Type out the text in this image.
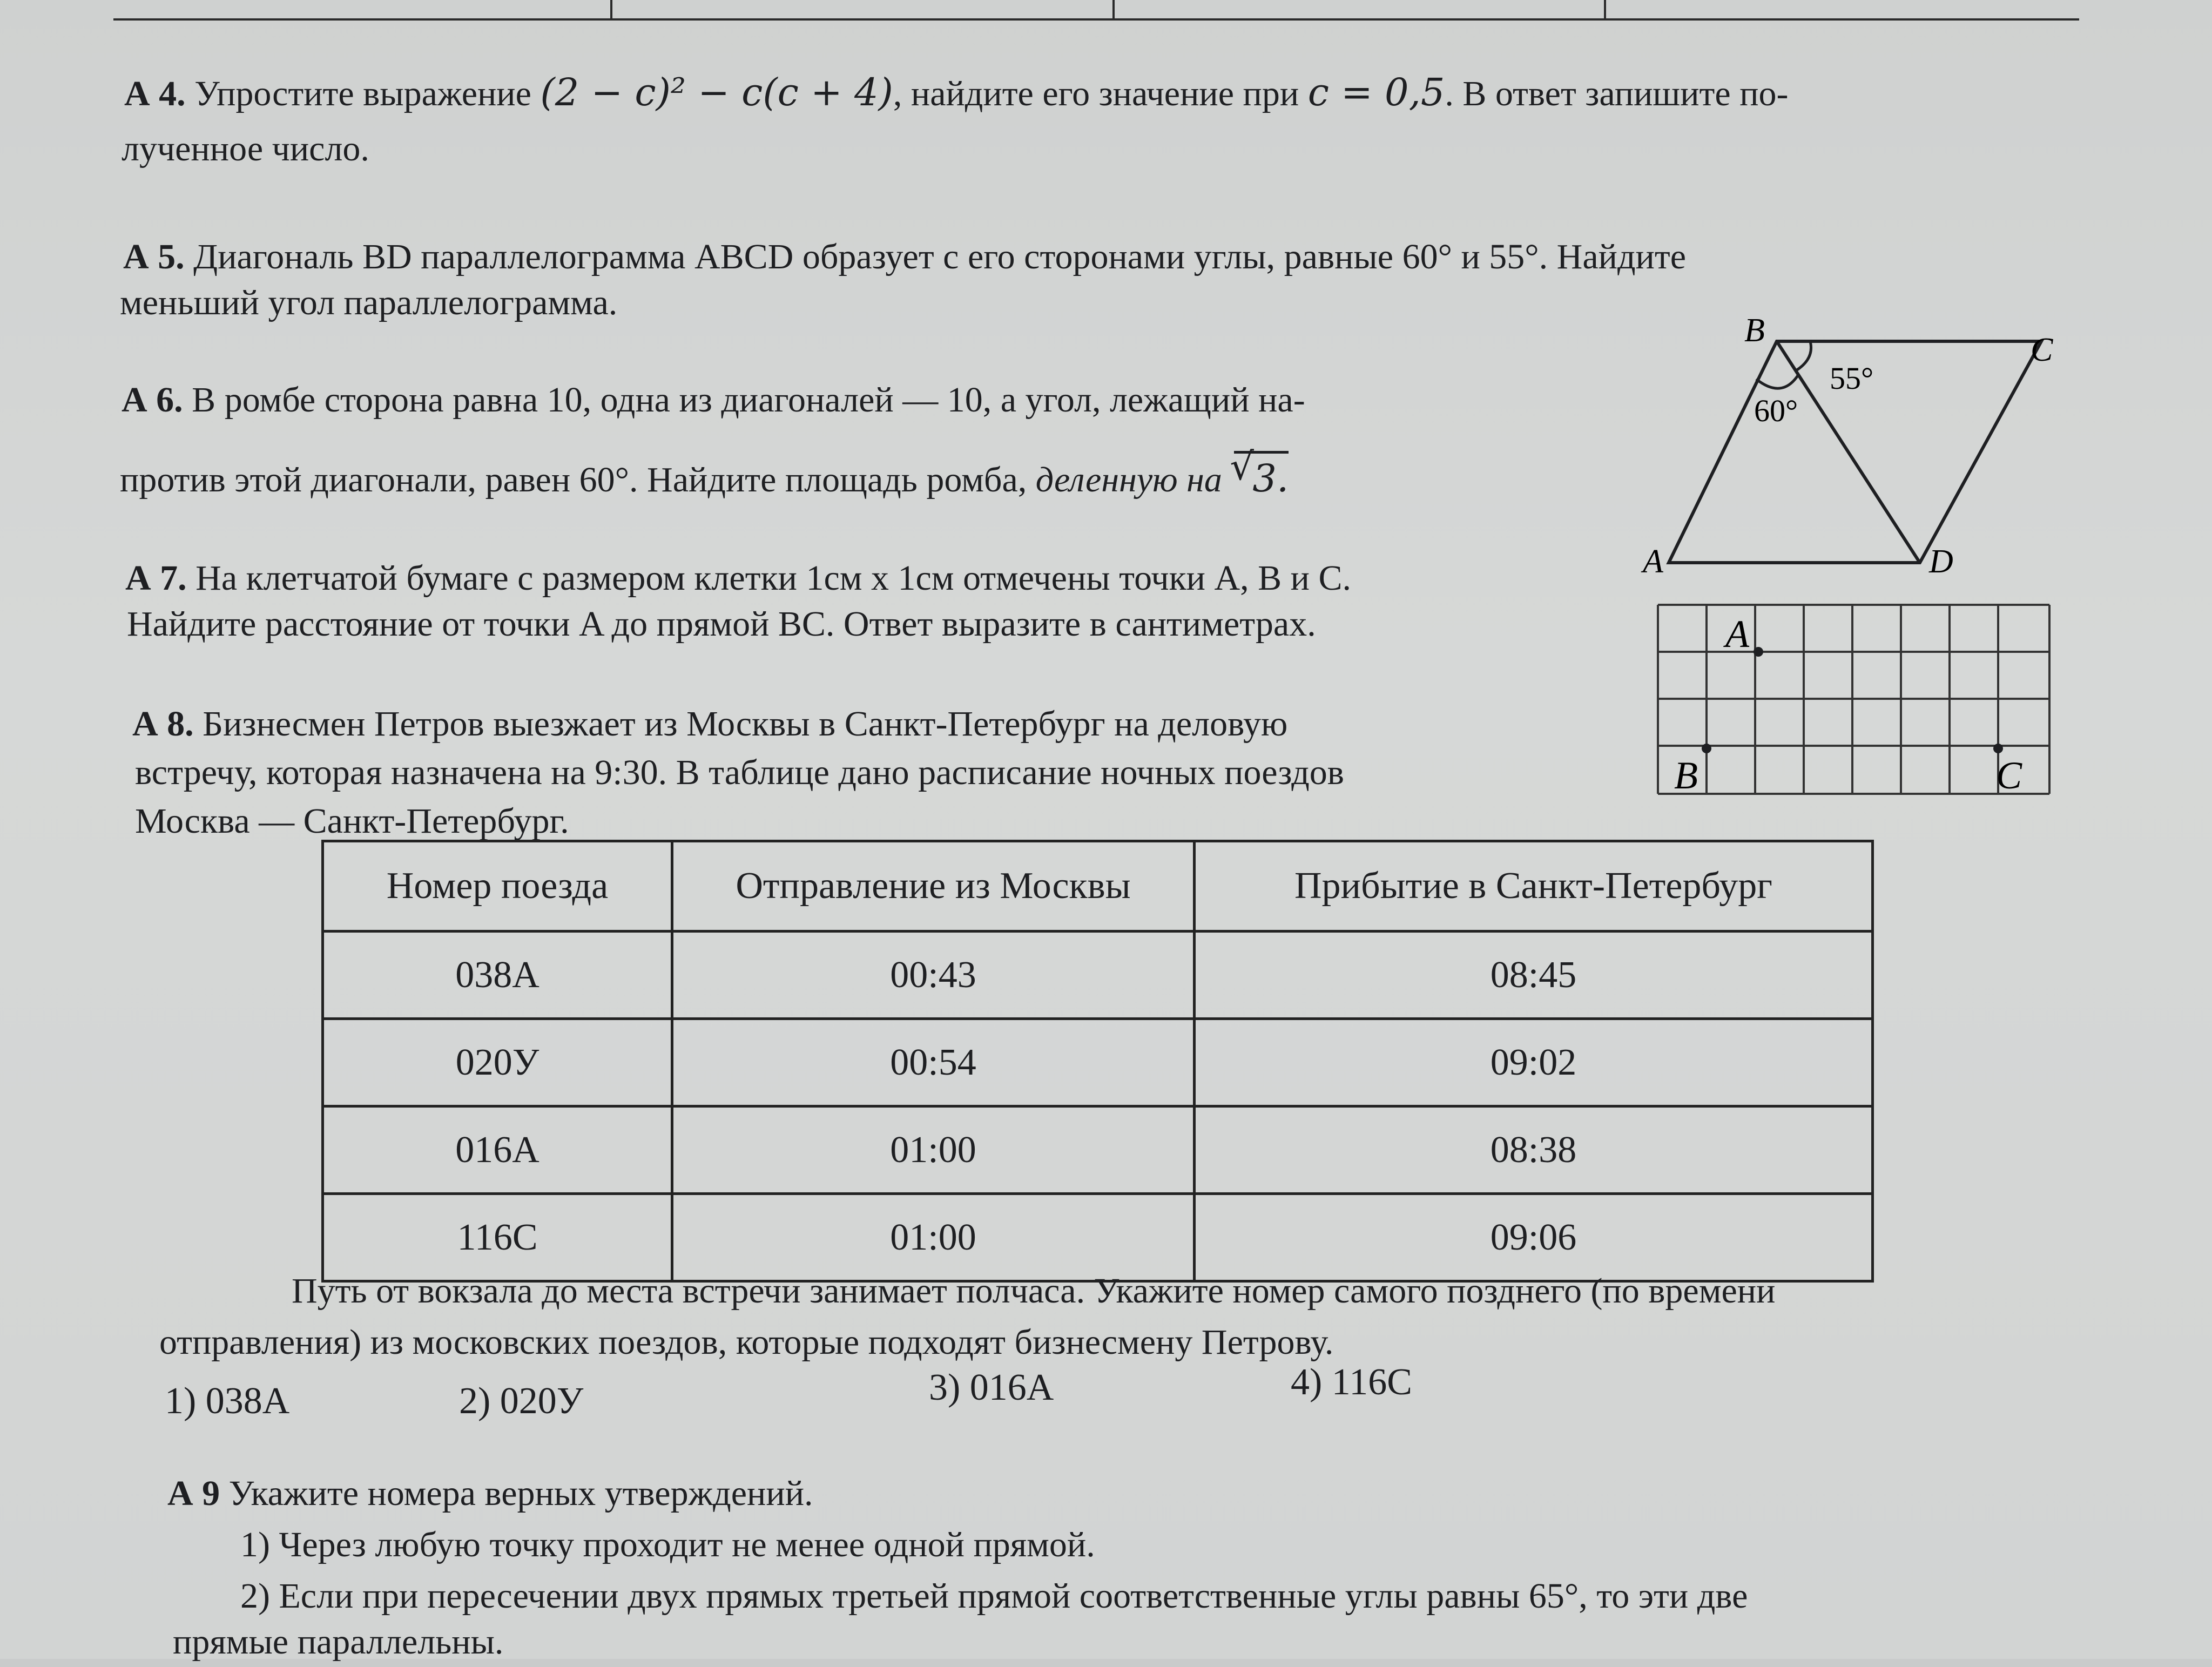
А 4. Упростите выражение (2 − c)² − c(c + 4), найдите его значение при c = 0,5. В ответ запишите по-
лученное число.
А 5. Диагональ BD параллелограмма ABCD образует с его сторонами углы, равные 60° и 55°. Найдите
меньший угол параллелограмма.
А 6. В ромбе сторона равна 10, одна из диагоналей — 10, а угол, лежащий на-
против этой диагонали, равен 60°. Найдите площадь ромба, деленную на √ 3.
А 7. На клетчатой бумаге с размером клетки 1см х 1см отмечены точки A, B и C.
Найдите расстояние от точки A до прямой BC. Ответ выразите в сантиметрах.
А 8. Бизнесмен Петров выезжает из Москвы в Санкт-Петербург на деловую
встречу, которая назначена на 9:30. В таблице дано расписание ночных поездов
Москва — Санкт-Петербург.
Номер поезда	Отправление из Москвы	Прибытие в Санкт-Петербург
038А	00:43	08:45
020У	00:54	09:02
016А	01:00	08:38
116С	01:00	09:06
Путь от вокзала до места встречи занимает полчаса. Укажите номер самого позднего (по времени
отправления) из московских поездов, которые подходят бизнесмену Петрову.
1) 038А	2) 020У	3) 016А	4) 116С
А 9 Укажите номера верных утверждений.
1) Через любую точку проходит не менее одной прямой.
2) Если при пересечении двух прямых третьей прямой соответственные углы равны 65°, то эти две
прямые параллельны.
B
C
A	D
55°
60°
A
B	C
